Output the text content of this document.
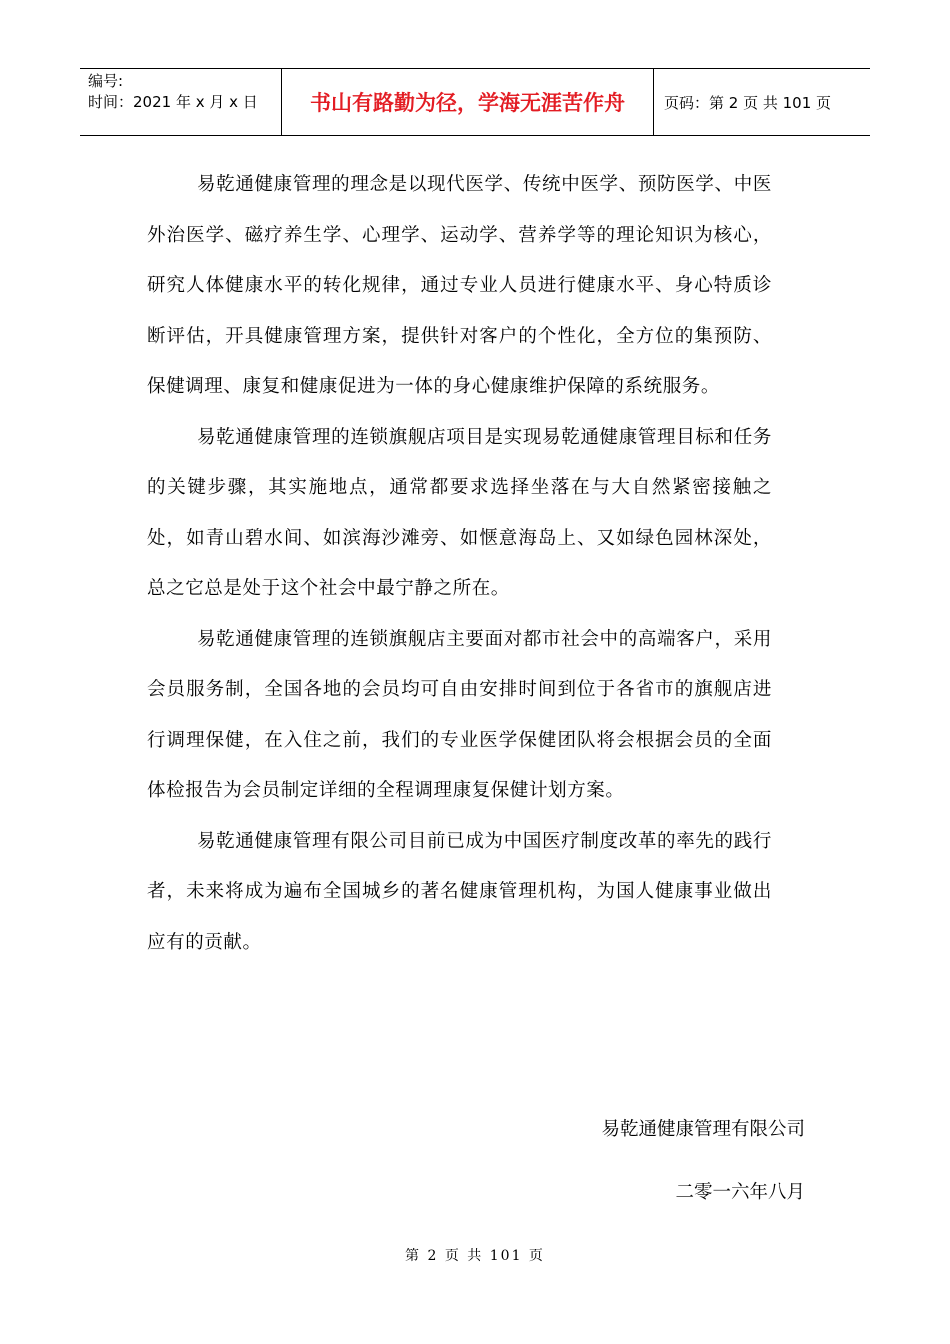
编号:
时间：2021 年 x 月 x 日	书山有路勤为径，学海无涯苦作舟	页码：第 2 页 共 101 页

易乾通健康管理的理念是以现代医学、传统中医学、预防医学、中医外治医学、磁疗养生学、心理学、运动学、营养学等的理论知识为核心，研究人体健康水平的转化规律，通过专业人员进行健康水平、身心特质诊断评估，开具健康管理方案，提供针对客户的个性化，全方位的集预防、保健调理、康复和健康促进为一体的身心健康维护保障的系统服务。

易乾通健康管理的连锁旗舰店项目是实现易乾通健康管理目标和任务的关键步骤，其实施地点，通常都要求选择坐落在与大自然紧密接触之处，如青山碧水间、如滨海沙滩旁、如惬意海岛上、又如绿色园林深处，总之它总是处于这个社会中最宁静之所在。

易乾通健康管理的连锁旗舰店主要面对都市社会中的高端客户，采用会员服务制，全国各地的会员均可自由安排时间到位于各省市的旗舰店进行调理保健，在入住之前，我们的专业医学保健团队将会根据会员的全面体检报告为会员制定详细的全程调理康复保健计划方案。

易乾通健康管理有限公司目前已成为中国医疗制度改革的率先的践行者，未来将成为遍布全国城乡的著名健康管理机构，为国人健康事业做出应有的贡献。

易乾通健康管理有限公司
二零一六年八月
第 2 页 共 101 页
